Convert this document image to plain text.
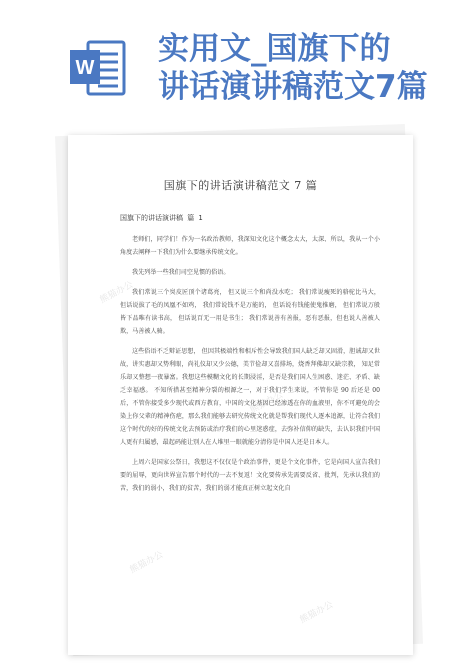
W
实用文_国旗下的
讲话演讲稿范文7篇
熊猫办公
熊猫办公
熊猫办公
熊猫办公
国旗下的讲话演讲稿范文 7 篇
国旗下的讲话演讲稿 篇 1

老师们，同学们！作为一名政治教师，我深知文化这个概念太大，太深、所以，我从一个小角度去阐释一下我们为什么要继承传统文化。

我先列举一些我们司空见惯的俗语。

我们常说三个臭皮匠顶个诸葛亮， 但又说三个和尚没水吃； 我们常说瘦死的骆驼比马大， 但话说拔了毛的凤凰不如鸡， 我们常说钱不是万能的， 但话说有钱能使鬼推磨， 但们常说万般皆下品唯有读书高， 但话说百无一用是书生； 我们常说善有善报，恶有恶报，但也说人善被人欺，马善被人骑。

这些俗语不乏辩证思想， 但因其极端性和相斥性会导致我们国人缺乏却又固滑，胆诚却又世故，讲实惠却又势利眼，尚礼仪却又少公德，美节俭却又喜排场，烧香拜佛却又缺宗教， 知足常乐却又整想一夜暴富。我想这些模糊文化的长期浸淫，是否是我们国人生困惑、迷茫、矛盾、缺乏幸福感。 不知所措甚至精神分裂的根源之一，对于我们学生来说，不管你是 90 后还是 00 后，不管你接受多少现代或西方教育，中国的文化基因已经渗透在你的血液里，你不可避免的会染上你父辈的精神伤疤，那么我们能够去研究传统文化就是帮我们现代人逐本追源，让符合我们这个时代的好的传统文化去预防或治疗我们的心里迷惑症，去弥补信仰的缺失，去认识我们中国人更有归属感，最起码能让别人在人堆里一眼就能分清你是中国人还是日本人。

上周六是国家公祭日，我想这不仅仅是个政治事件，更是个文化事件，它是向国人宣告我们要的屈辱，更向世界宣告那个时代的一去不复返！文化要传承先需要反省、批判，先承认我们的苦，我们的弱小，我们的贫苦，我们的弱才能真正树立起文化自
